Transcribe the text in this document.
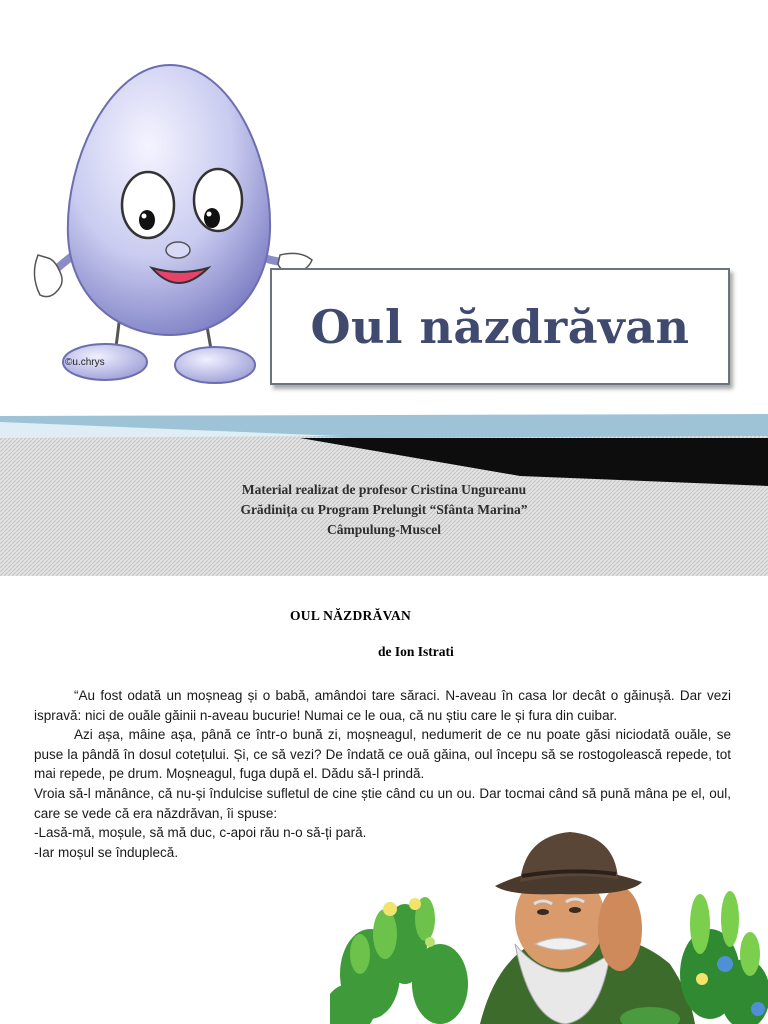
©u.chrys
Oul năzdrăvan
Material realizat de profesor Cristina Ungureanu
Grădinița cu Program Prelungit “Sfânta Marina”
Câmpulung-Muscel
OUL NĂZDRĂVAN
de Ion Istrati

“Au fost odată un moșneag și o babă, amândoi tare săraci. N-aveau în casa lor decât o găinușă. Dar vezi ispravă: nici de ouăle găinii n-aveau bucurie! Numai ce le oua, că nu știu care le și fura din cuibar.

Azi așa, mâine așa, până ce într-o bună zi, moșneagul, nedumerit de ce nu poate găsi niciodată ouăle, se puse la pândă în dosul cotețului. Și, ce să vezi? De îndată ce ouă găina, oul începu să se rostogolească repede, tot mai repede, pe drum. Moșneagul, fuga după el. Dădu să-l prindă.

Vroia să-l mănânce, că nu-și îndulcise sufletul de cine știe când cu un ou. Dar tocmai când să pună mâna pe el, oul, care se vede că era năzdrăvan, îi spuse:

-Lasă-mă, moșule, să mă duc, c-apoi rău n-o să-ți pară.

-Iar moșul se înduplecă.
